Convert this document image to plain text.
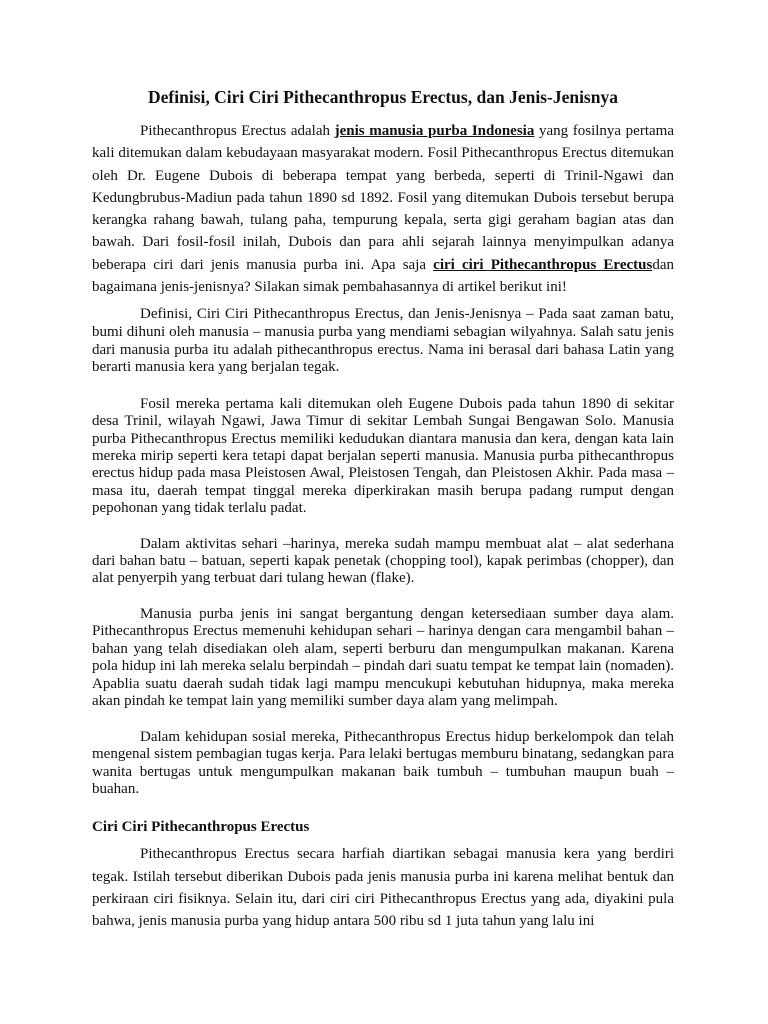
Definisi, Ciri Ciri Pithecanthropus Erectus, dan Jenis-Jenisnya

Pithecanthropus Erectus adalah jenis manusia purba Indonesia yang fosilnya pertama kali ditemukan dalam kebudayaan masyarakat modern. Fosil Pithecanthropus Erectus ditemukan oleh Dr. Eugene Dubois di beberapa tempat yang berbeda, seperti di Trinil-Ngawi dan Kedungbrubus-Madiun pada tahun 1890 sd 1892. Fosil yang ditemukan Dubois tersebut berupa kerangka rahang bawah, tulang paha, tempurung kepala, serta gigi geraham bagian atas dan bawah. Dari fosil-fosil inilah, Dubois dan para ahli sejarah lainnya menyimpulkan adanya beberapa ciri dari jenis manusia purba ini. Apa saja ciri ciri Pithecanthropus Erectusdan bagaimana jenis-jenisnya? Silakan simak pembahasannya di artikel berikut ini!

Definisi, Ciri Ciri Pithecanthropus Erectus, dan Jenis-Jenisnya – Pada saat zaman batu, bumi dihuni oleh manusia – manusia purba yang mendiami sebagian wilyahnya. Salah satu jenis dari manusia purba itu adalah pithecanthropus erectus. Nama ini berasal dari bahasa Latin yang berarti manusia kera yang berjalan tegak.

Fosil mereka pertama kali ditemukan oleh Eugene Dubois pada tahun 1890 di sekitar desa Trinil, wilayah Ngawi, Jawa Timur di sekitar Lembah Sungai Bengawan Solo. Manusia purba Pithecanthropus Erectus memiliki kedudukan diantara manusia dan kera, dengan kata lain mereka mirip seperti kera tetapi dapat berjalan seperti manusia. Manusia purba pithecanthropus erectus hidup pada masa Pleistosen Awal, Pleistosen Tengah, dan Pleistosen Akhir. Pada masa – masa itu, daerah tempat tinggal mereka diperkirakan masih berupa padang rumput dengan pepohonan yang tidak terlalu padat.

Dalam aktivitas sehari –harinya, mereka sudah mampu membuat alat – alat sederhana dari bahan batu – batuan, seperti kapak penetak (chopping tool), kapak perimbas (chopper), dan alat penyerpih yang terbuat dari tulang hewan (flake).

Manusia purba jenis ini sangat bergantung dengan ketersediaan sumber daya alam. Pithecanthropus Erectus memenuhi kehidupan sehari – harinya dengan cara mengambil bahan – bahan yang telah disediakan oleh alam, seperti berburu dan mengumpulkan makanan. Karena pola hidup ini lah mereka selalu berpindah – pindah dari suatu tempat ke tempat lain (nomaden). Apablia suatu daerah sudah tidak lagi mampu mencukupi kebutuhan hidupnya, maka mereka akan pindah ke tempat lain yang memiliki sumber daya alam yang melimpah.

Dalam kehidupan sosial mereka, Pithecanthropus Erectus hidup berkelompok dan telah mengenal sistem pembagian tugas kerja. Para lelaki bertugas memburu binatang, sedangkan para wanita bertugas untuk mengumpulkan makanan baik tumbuh – tumbuhan maupun buah – buahan.

Ciri Ciri Pithecanthropus Erectus

Pithecanthropus Erectus secara harfiah diartikan sebagai manusia kera yang berdiri tegak. Istilah tersebut diberikan Dubois pada jenis manusia purba ini karena melihat bentuk dan perkiraan ciri fisiknya. Selain itu, dari ciri ciri Pithecanthropus Erectus yang ada, diyakini pula bahwa, jenis manusia purba yang hidup antara 500 ribu sd 1 juta tahun yang lalu ini
